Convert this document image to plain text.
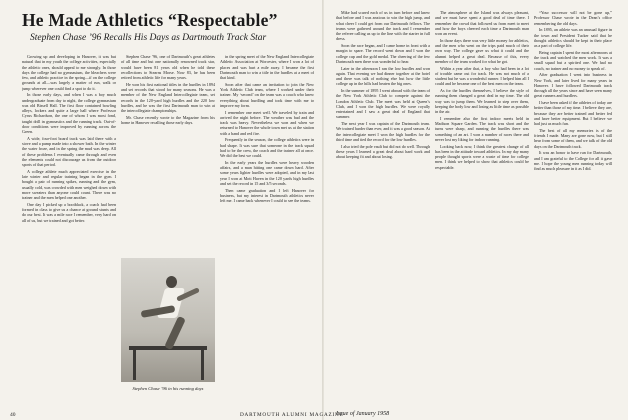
He Made Athletics “Respectable”
Stephen Chase ’96 Recalls His Days as Dartmouth Track Star

Growing up and developing in Hanover, it was but natural that in my youth the college activities, especially the athletic ones, should appeal to me strongly. In those days the college had no gymnasium, the bleachers were few, and athletic practice in the spring—if on the college grounds at all—was largely a matter of run, walk or jump wherever one could find a spot to do it.

In those early days, and when I was a boy much undergraduate from day to night, the college gymnasium was old Bissell Hall. The first floor contained bowling alleys, lockers and quite a large hall where Professor Cyrus Richardson, the one of whom I was most fond, taught drill in gymnastics and the running track. Out-of-door conditions were improved by running across the Green.

A wide, four-foot board track was laid there with a stove and a pump made into a shower bath. In the winter the water froze, and in the spring the mud was deep. All of these problems I eventually came through and even the elements could not discourage us from the outdoor sports of that period.

A college athlete much appreciated exercise in the late winter and regular training began in the gym. I bought a pair of running spikes, running and the gym, usually cold, was crowded with men weighed down with more sweaters than anyone could count. There was no trainer and the men helped one another.

One day I picked up a bootblack, a coach had been formed in class to give us a chance at ground stunts and do our best. It was a mile race I remember, very hard on all of us, but we trained and got better.

Stephen Chase ’96, one of Dartmouth’s great athletes of all time and but one nationally renowned track star, would have been 81 years old when he told these recollections to Stearns Morse. Now 83, he has been retired from athletic life for many years.

He won his first national titles in the hurdles in 1894 and set records that stood for many seasons. He was a member of the New England Intercollegiate team, set records in the 120-yard high hurdles and the 220 low hurdles, and he was the first Dartmouth man to win at the intercollegiate championships.

Mr. Chase recently wrote to the Magazine from his home in Hanover recalling those early days.

in the spring meet of the New England Intercollegiate Athletic Association at Worcester, where I won a lot of places and was hurt a mile away. I became the first Dartmouth man to win a title in the hurdles at a meet of that kind.

Soon after that came an invitation to join the New York Athletic Club team, where I worked under their trainer. My ‘second’ on the team was a coach who knew everything about hurdling and took time with me to improve my form.

I remember one meet well. We traveled by train and arrived the night before. The weather was bad and the track was heavy. Nevertheless we won and when we returned to Hanover the whole town met us at the station with a band and red fire.

Frequently in the season, the college athletics were in bad shape. It was sure that someone in the track squad had to be the crew, the coach and the trainer all at once. We did the best we could.

In the early years the hurdles were heavy wooden affairs, and a man hitting one came down hard. After some years lighter hurdles were adopted, and in my last year I won at Mott Haven in the 120 yards high hurdles and set the record in 15 and 3/5 seconds.

Then came graduation and I left Hanover for business, but my interest in Dartmouth athletics never left me. I came back whenever I could to see the teams.

Stephen Chase ’96 in his running days

Mike had scared each of us in turn before and knew that before and I was anxious to win the high jump, and what cheer I could get from our Dartmouth fellows. The teams were gathered around the track and I remember the referee calling us up to the line with the starter in full dress.

Soon the race began, and I came home in front with a margin to spare. The record went down and I won the college cup and the gold medal. The cheering of the few Dartmouth men there was wonderful to hear.

Later in the afternoon I ran the low hurdles and won again. That evening we had dinner together at the hotel and there was talk of nothing else but how the little college up in the hills had beaten the big ones.

In the summer of 1895 I went abroad with the team of the New York Athletic Club to compete against the London Athletic Club. The meet was held at Queen’s Club, and I won the high hurdles. We were royally entertained and I saw a great deal of England that summer.

The next year I was captain of the Dartmouth team. We trained harder than ever, and it was a good season. At the intercollegiate meet I won the high hurdles for the third time and tied the record for the low hurdles.

I also tried the pole vault but did not do well. Through these years I learned a great deal about hard work and about keeping fit and about losing.

The atmosphere at the Island was always pleasant, and we must have spent a good deal of time there. I remember the crowd that followed us from meet to meet and how the boys cheered each time a Dartmouth man won an event.

In those days there was very little money for athletics, and the men who went on the trips paid much of their own way. The college gave us what it could and the alumni helped a great deal. Because of this, every member of the team worked for what he got.

Within a year after that, a boy who had been in a lot of trouble came out for track. He was not much of a student but he was a wonderful runner. I helped him all I could and he became one of the best men on the team.

As for the hurdles themselves, I believe the style of running them changed a great deal in my time. The old way was to jump them. We learned to step over them, keeping the body low and losing as little time as possible in the air.

I remember also the first indoor meets held in Madison Square Garden. The track was short and the turns were sharp, and running the hurdles there was something of an art. I won a number of races there and never lost my liking for indoor running.

Looking back now, I think the greatest change of all has been in the attitude toward athletics. In my day many people thought sports were a waste of time for college men. I think we helped to show that athletics could be respectable.

“Your successor will not be gone up,” Professor Chase wrote in the Dean’s office remembering the old days.

In 1895, an athlete was an unusual figure in the town and President Tucker said that he thought athletics should be kept in their place as a part of college life.

Being captain I spent the most afternoons at the track and watched the men work. It was a small squad but a spirited one. We had no coach, no trainer and no money to speak of.

After graduation I went into business in New York, and later lived for many years in Hanover. I have followed Dartmouth track through all the years since and have seen many great runners and hurdlers.

I have been asked if the athletes of today are better than those of my time. I believe they are, because they are better trained and better fed and have better equipment. But I believe we had just as much fun.

The best of all my memories is of the friends I made. Many are gone now, but I still hear from some of them, and we talk of the old days on the Dartmouth track.

It was an honor to have run for Dartmouth, and I am grateful to the College for all it gave me. I hope the young men running today will find as much pleasure in it as I did.

40	DARTMOUTH ALUMNI MAGAZINE
Issue of January 1958
